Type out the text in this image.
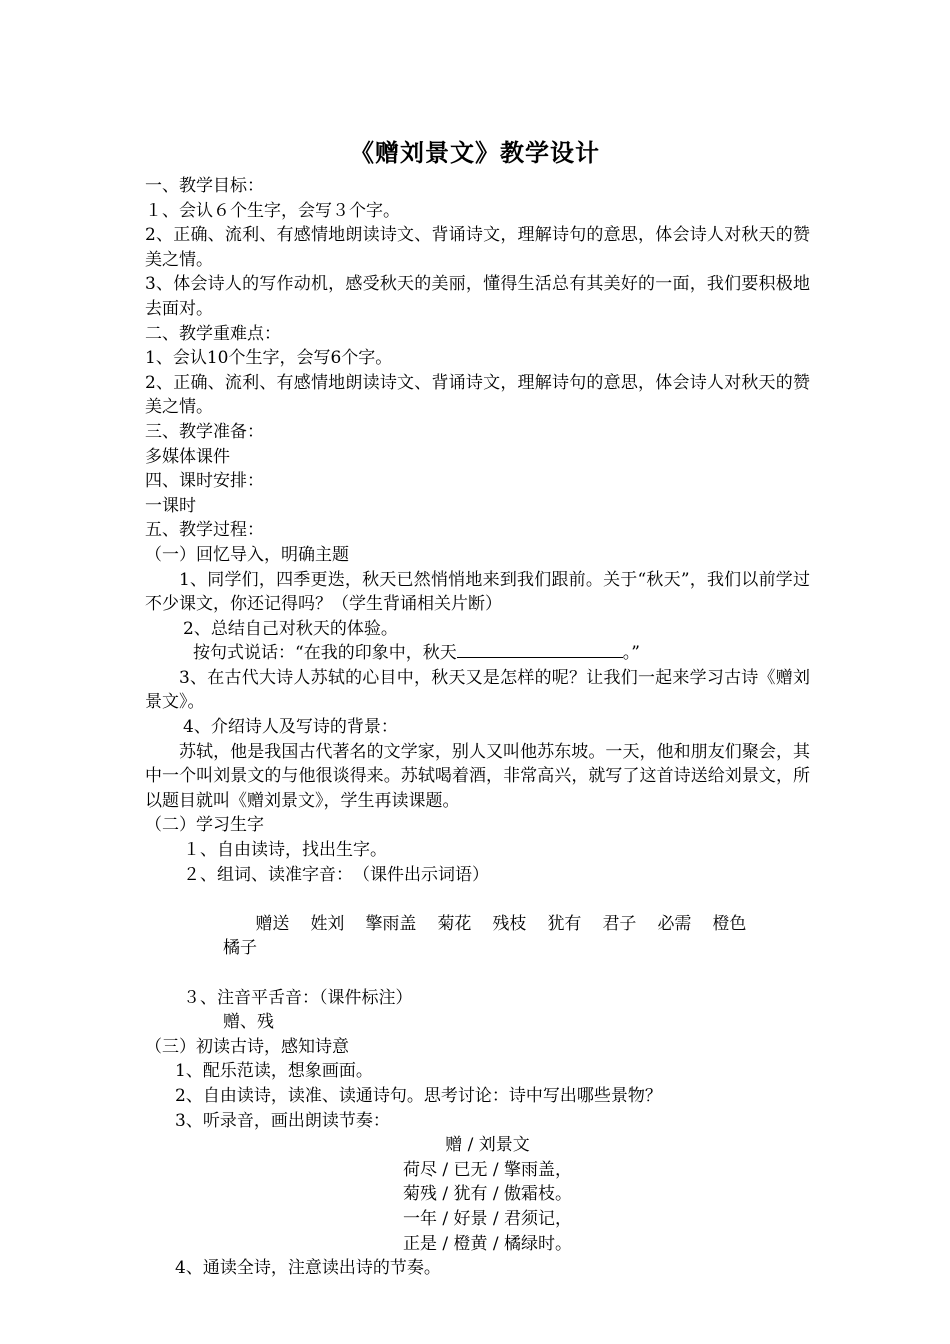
《赠刘景文》教学设计

一、教学目标：

１、会认６个生字，会写３个字。

2、正确、流利、有感情地朗读诗文、背诵诗文，理解诗句的意思，体会诗人对秋天的赞美之情。

3、体会诗人的写作动机，感受秋天的美丽，懂得生活总有其美好的一面，我们要积极地去面对。

二、教学重难点：

1、会认10个生字，会写6个字。

2、正确、流利、有感情地朗读诗文、背诵诗文，理解诗句的意思，体会诗人对秋天的赞美之情。

三、教学准备：

多媒体课件

四、课时安排：

一课时

五、教学过程：

（一）回忆导入，明确主题

1、同学们，四季更迭，秋天已然悄悄地来到我们跟前。关于“秋天”，我们以前学过不少课文，你还记得吗？（学生背诵相关片断）

2、总结自己对秋天的体验。

按句式说话：“在我的印象中，秋天	。”

3、在古代大诗人苏轼的心目中，秋天又是怎样的呢？让我们一起来学习古诗《赠刘景文》。

4、介绍诗人及写诗的背景：

苏轼，他是我国古代著名的文学家，别人又叫他苏东坡。一天，他和朋友们聚会，其中一个叫刘景文的与他很谈得来。苏轼喝着酒，非常高兴，就写了这首诗送给刘景文，所以题目就叫《赠刘景文》，学生再读课题。

（二）学习生字

１、自由读诗，找出生字。

２、组词、读准字音：　（课件出示词语）

赠送 姓刘 擎雨盖 菊花 残枝 犹有 君子 必需 橙色橘子

３、注音平舌音：（课件标注）

赠、残

（三）初读古诗，感知诗意

1、配乐范读，想象画面。

2、自由读诗，读准、读通诗句。思考讨论：诗中写出哪些景物？

3、听录音，画出朗读节奏：

赠 / 刘景文
荷尽 / 已无 / 擎雨盖，
菊残 / 犹有 / 傲霜枝。
一年 / 好景 / 君须记，
正是 / 橙黄 / 橘绿时。

4、通读全诗，注意读出诗的节奏。
